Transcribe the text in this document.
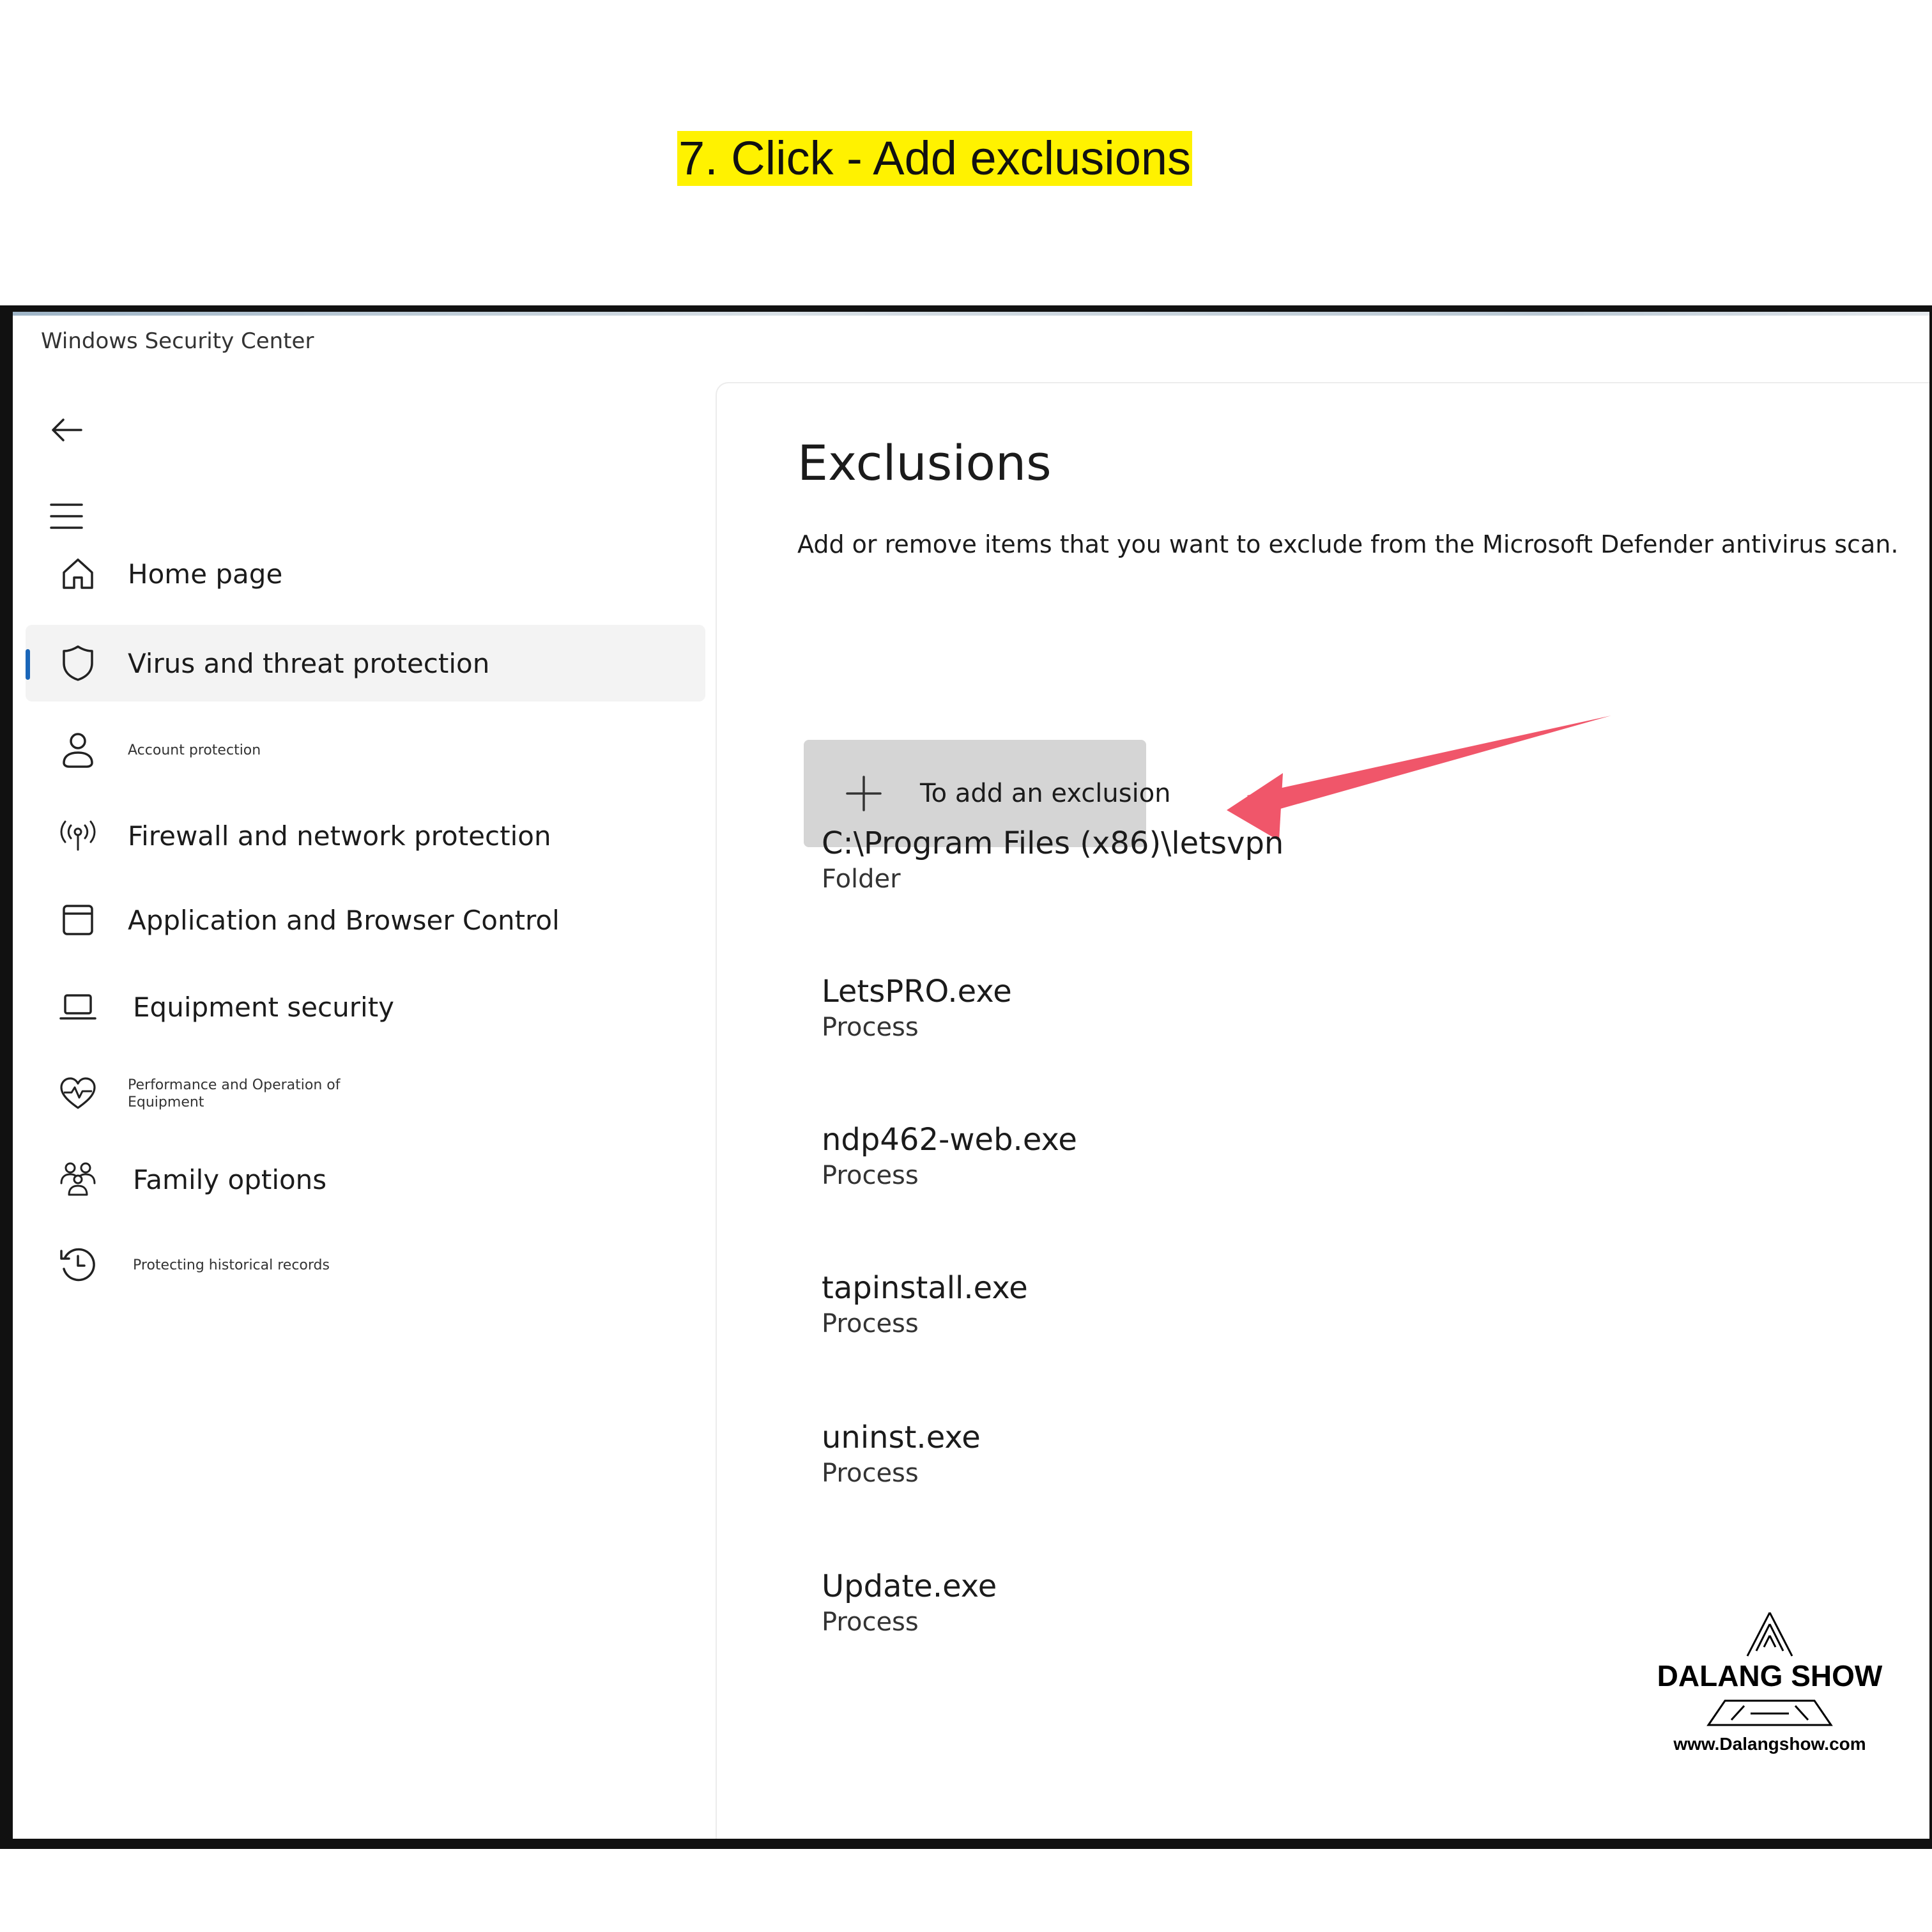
7. Click - Add exclusions
Windows Security Center
Home page
Virus and threat protection
Account protection
Firewall and network protection
Application and Browser Control
Equipment security
Performance and Operation of Equipment
Family options
Protecting historical records
Exclusions
Add or remove items that you want to exclude from the Microsoft Defender antivirus scan.
To add an exclusion
C:\Program Files (x86)\letsvpn
Folder
LetsPRO.exe
Process
ndp462-web.exe
Process
tapinstall.exe
Process
uninst.exe
Process
Update.exe
Process
DALANG SHOW
www.Dalangshow.com
